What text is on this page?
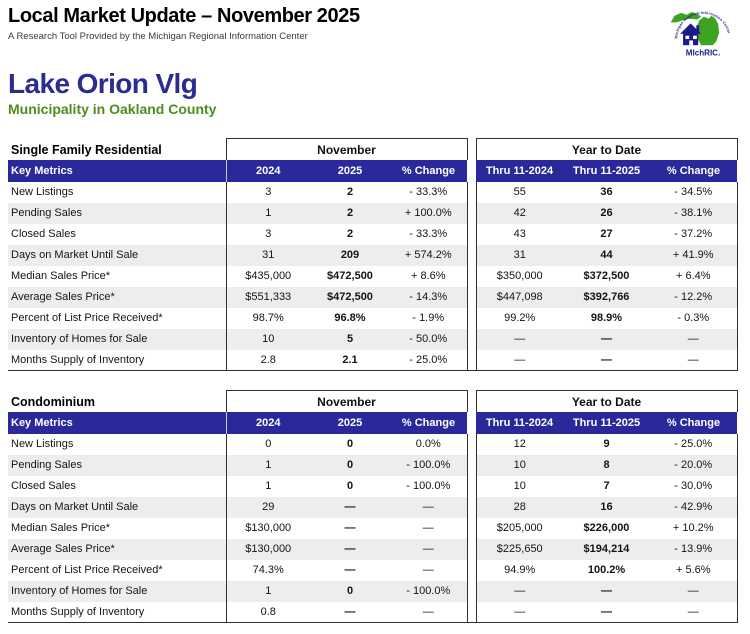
Local Market Update – November 2025
A Research Tool Provided by the Michigan Regional Information Center	Michigan Regional Information Center
MIchRIC.
Lake Orion Vlg
Municipality in Oakland County
Single Family Residential	November				Year to Date		
Key Metrics	2024	2025	% Change		Thru 11-2024	Thru 11-2025	% Change
New Listings	3	2	- 33.3%		55	36	- 34.5%
Pending Sales	1	2	+ 100.0%		42	26	- 38.1%
Closed Sales	3	2	- 33.3%		43	27	- 37.2%
Days on Market Until Sale	31	209	+ 574.2%		31	44	+ 41.9%
Median Sales Price*	$435,000	$472,500	+ 8.6%		$350,000	$372,500	+ 6.4%
Average Sales Price*	$551,333	$472,500	- 14.3%		$447,098	$392,766	- 12.2%
Percent of List Price Received*	98.7%	96.8%	- 1.9%		99.2%	98.9%	- 0.3%
Inventory of Homes for Sale	10	5	- 50.0%		—	—	—
Months Supply of Inventory	2.8	2.1	- 25.0%		—	—	—
Condominium	November				Year to Date		
Key Metrics	2024	2025	% Change		Thru 11-2024	Thru 11-2025	% Change
New Listings	0	0	0.0%		12	9	- 25.0%
Pending Sales	1	0	- 100.0%		10	8	- 20.0%
Closed Sales	1	0	- 100.0%		10	7	- 30.0%
Days on Market Until Sale	29	—	—		28	16	- 42.9%
Median Sales Price*	$130,000	—	—		$205,000	$226,000	+ 10.2%
Average Sales Price*	$130,000	—	—		$225,650	$194,214	- 13.9%
Percent of List Price Received*	74.3%	—	—		94.9%	100.2%	+ 5.6%
Inventory of Homes for Sale	1	0	- 100.0%		—	—	—
Months Supply of Inventory	0.8	—	—		—	—	—
